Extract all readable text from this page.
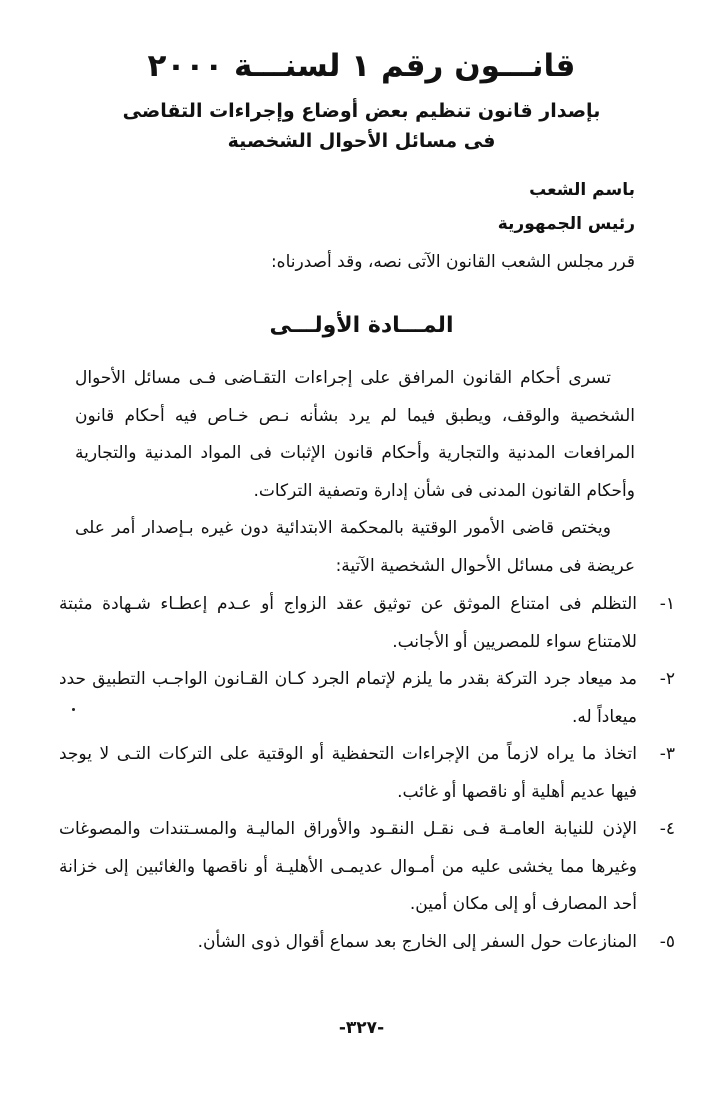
قانـــون رقم ١ لسنـــة ٢٠٠٠
بإصدار قانون تنظيم بعض أوضاع وإجراءات التقاضى
فى مسائل الأحوال الشخصية
باسم الشعب
رئيس الجمهورية
قرر مجلس الشعب القانون الآتى نصه، وقد أصدرناه:
المـــادة الأولـــى
تسرى أحكام القانون المرافق على إجراءات التقـاضى فـى مسائل الأحوال الشخصية والوقف، ويطبق فيما لم يرد بشأنه نـص خـاص فيه أحكام قانون المرافعات المدنية والتجارية وأحكام قانون الإثبات فى المواد المدنية والتجارية وأحكام القانون المدنى فى شأن إدارة وتصفية التركات.
ويختص قاضى الأمور الوقتية بالمحكمة الابتدائية دون غيره بـإصدار أمر على عريضة فى مسائل الأحوال الشخصية الآتية:
١-
التظلم فى امتناع الموثق عن توثيق عقد الزواج أو عـدم إعطـاء شـهادة مثبتة للامتناع سواء للمصريين أو الأجانب.
٢-
مد ميعاد جرد التركة بقدر ما يلزم لإتمام الجرد كـان القـانون الواجـب التطبيق حدد ميعاداً له.
٣-
اتخاذ ما يراه لازماً من الإجراءات التحفظية أو الوقتية على التركات التـى لا يوجد فيها عديم أهلية أو ناقصها أو غائب.
٤-
الإذن للنيابة العامـة فـى نقـل النقـود والأوراق الماليـة والمسـتندات والمصوغات وغيرها مما يخشى عليه من أمـوال عديمـى الأهليـة أو ناقصها والغائبين إلى خزانة أحد المصارف أو إلى مكان أمين.
٥-
المنازعات حول السفر إلى الخارج بعد سماع أقوال ذوى الشأن.
-٣٢٧-
